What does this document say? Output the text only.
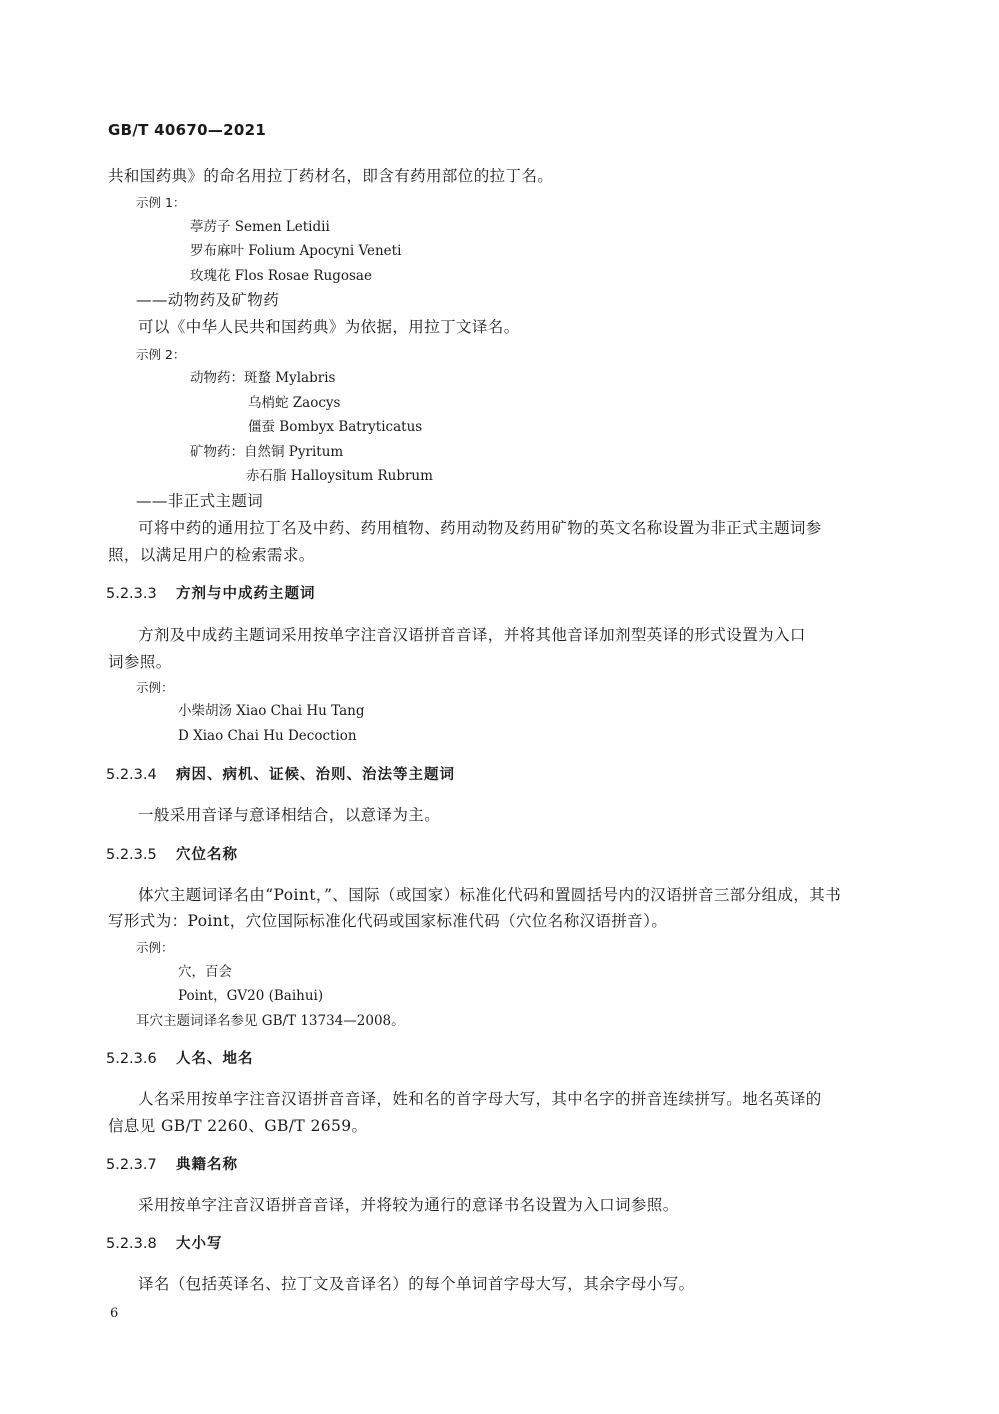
GB/T 40670—2021
共和国药典》的命名用拉丁药材名，即含有药用部位的拉丁名。
示例 1：
葶苈子 Semen Letidii
罗布麻叶 Folium Apocyni Veneti
玫瑰花 Flos Rosae Rugosae
——动物药及矿物药
可以《中华人民共和国药典》为依据，用拉丁文译名。
示例 2：
动物药：斑蝥 Mylabris
乌梢蛇 Zaocys
僵蚕 Bombyx Batryticatus
矿物药：自然铜 Pyritum
赤石脂 Halloysitum Rubrum
——非正式主题词
可将中药的通用拉丁名及中药、药用植物、药用动物及药用矿物的英文名称设置为非正式主题词参
照，以满足用户的检索需求。
5.2.3.3 方剂与中成药主题词
方剂及中成药主题词采用按单字注音汉语拼音音译，并将其他音译加剂型英译的形式设置为入口
词参照。
示例：
小柴胡汤 Xiao Chai Hu Tang
D Xiao Chai Hu Decoction
5.2.3.4 病因、病机、证候、治则、治法等主题词
一般采用音译与意译相结合，以意译为主。
5.2.3.5 穴位名称
体穴主题词译名由“Point，”、国际（或国家）标准化代码和置圆括号内的汉语拼音三部分组成，其书
写形式为：Point，穴位国际标准化代码或国家标准代码（穴位名称汉语拼音）。
示例：
穴，百会
Point，GV20 (Baihui)
耳穴主题词译名参见 GB/T 13734—2008。
5.2.3.6 人名、地名
人名采用按单字注音汉语拼音音译，姓和名的首字母大写，其中名字的拼音连续拼写。地名英译的
信息见 GB/T 2260、GB/T 2659。
5.2.3.7 典籍名称
采用按单字注音汉语拼音音译，并将较为通行的意译书名设置为入口词参照。
5.2.3.8 大小写
译名（包括英译名、拉丁文及音译名）的每个单词首字母大写，其余字母小写。
6
